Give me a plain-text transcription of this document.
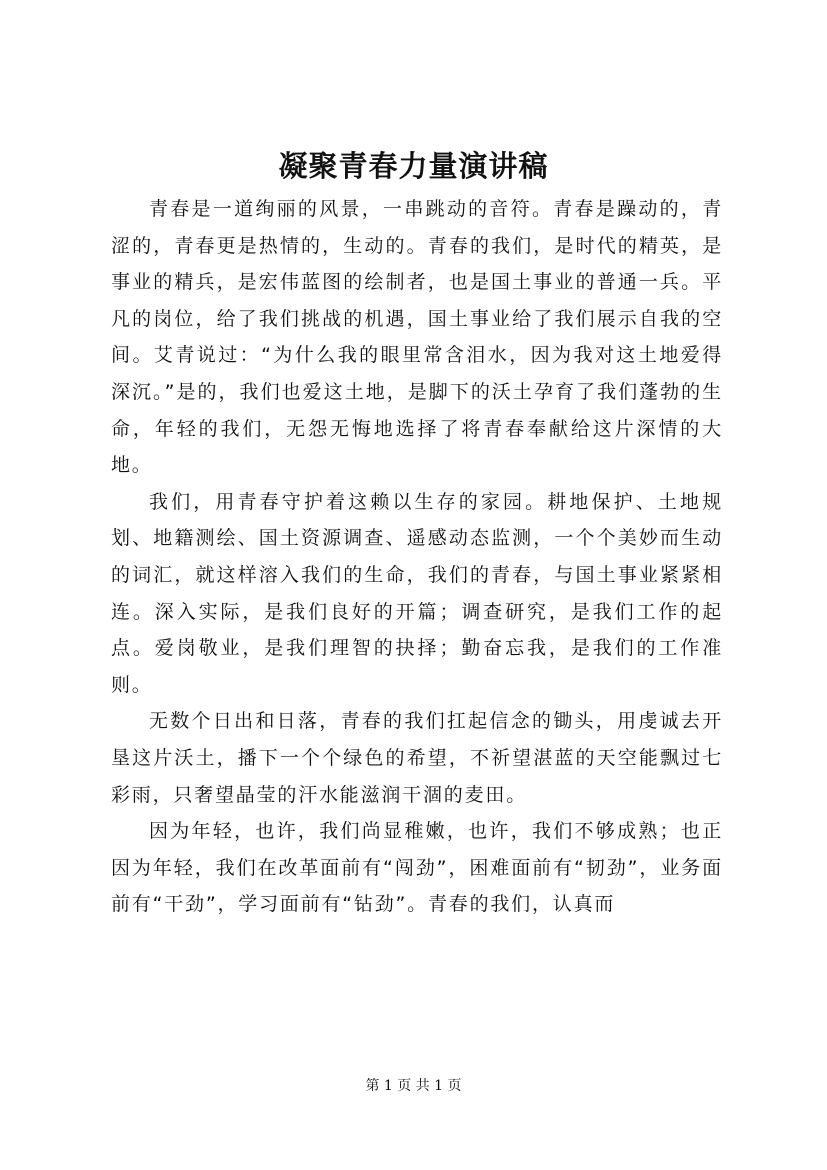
凝聚青春力量演讲稿

青春是一道绚丽的风景，一串跳动的音符。青春是躁动的，青涩的，青春更是热情的，生动的。青春的我们，是时代的精英，是事业的精兵，是宏伟蓝图的绘制者，也是国土事业的普通一兵。平凡的岗位，给了我们挑战的机遇，国土事业给了我们展示自我的空间。艾青说过：“为什么我的眼里常含泪水，因为我对这土地爱得深沉。”是的，我们也爱这土地，是脚下的沃土孕育了我们蓬勃的生命，年轻的我们，无怨无悔地选择了将青春奉献给这片深情的大地。

我们，用青春守护着这赖以生存的家园。耕地保护、土地规划、地籍测绘、国土资源调查、遥感动态监测，一个个美妙而生动的词汇，就这样溶入我们的生命，我们的青春，与国土事业紧紧相连。深入实际，是我们良好的开篇；调查研究，是我们工作的起点。爱岗敬业，是我们理智的抉择；勤奋忘我，是我们的工作准则。

无数个日出和日落，青春的我们扛起信念的锄头，用虔诚去开垦这片沃土，播下一个个绿色的希望，不祈望湛蓝的天空能飘过七彩雨，只奢望晶莹的汗水能滋润干涸的麦田。

因为年轻，也许，我们尚显稚嫩，也许，我们不够成熟；也正因为年轻，我们在改革面前有“闯劲”，困难面前有“韧劲”，业务面前有“干劲”，学习面前有“钻劲”。青春的我们，认真而

第 1 页 共 1 页
